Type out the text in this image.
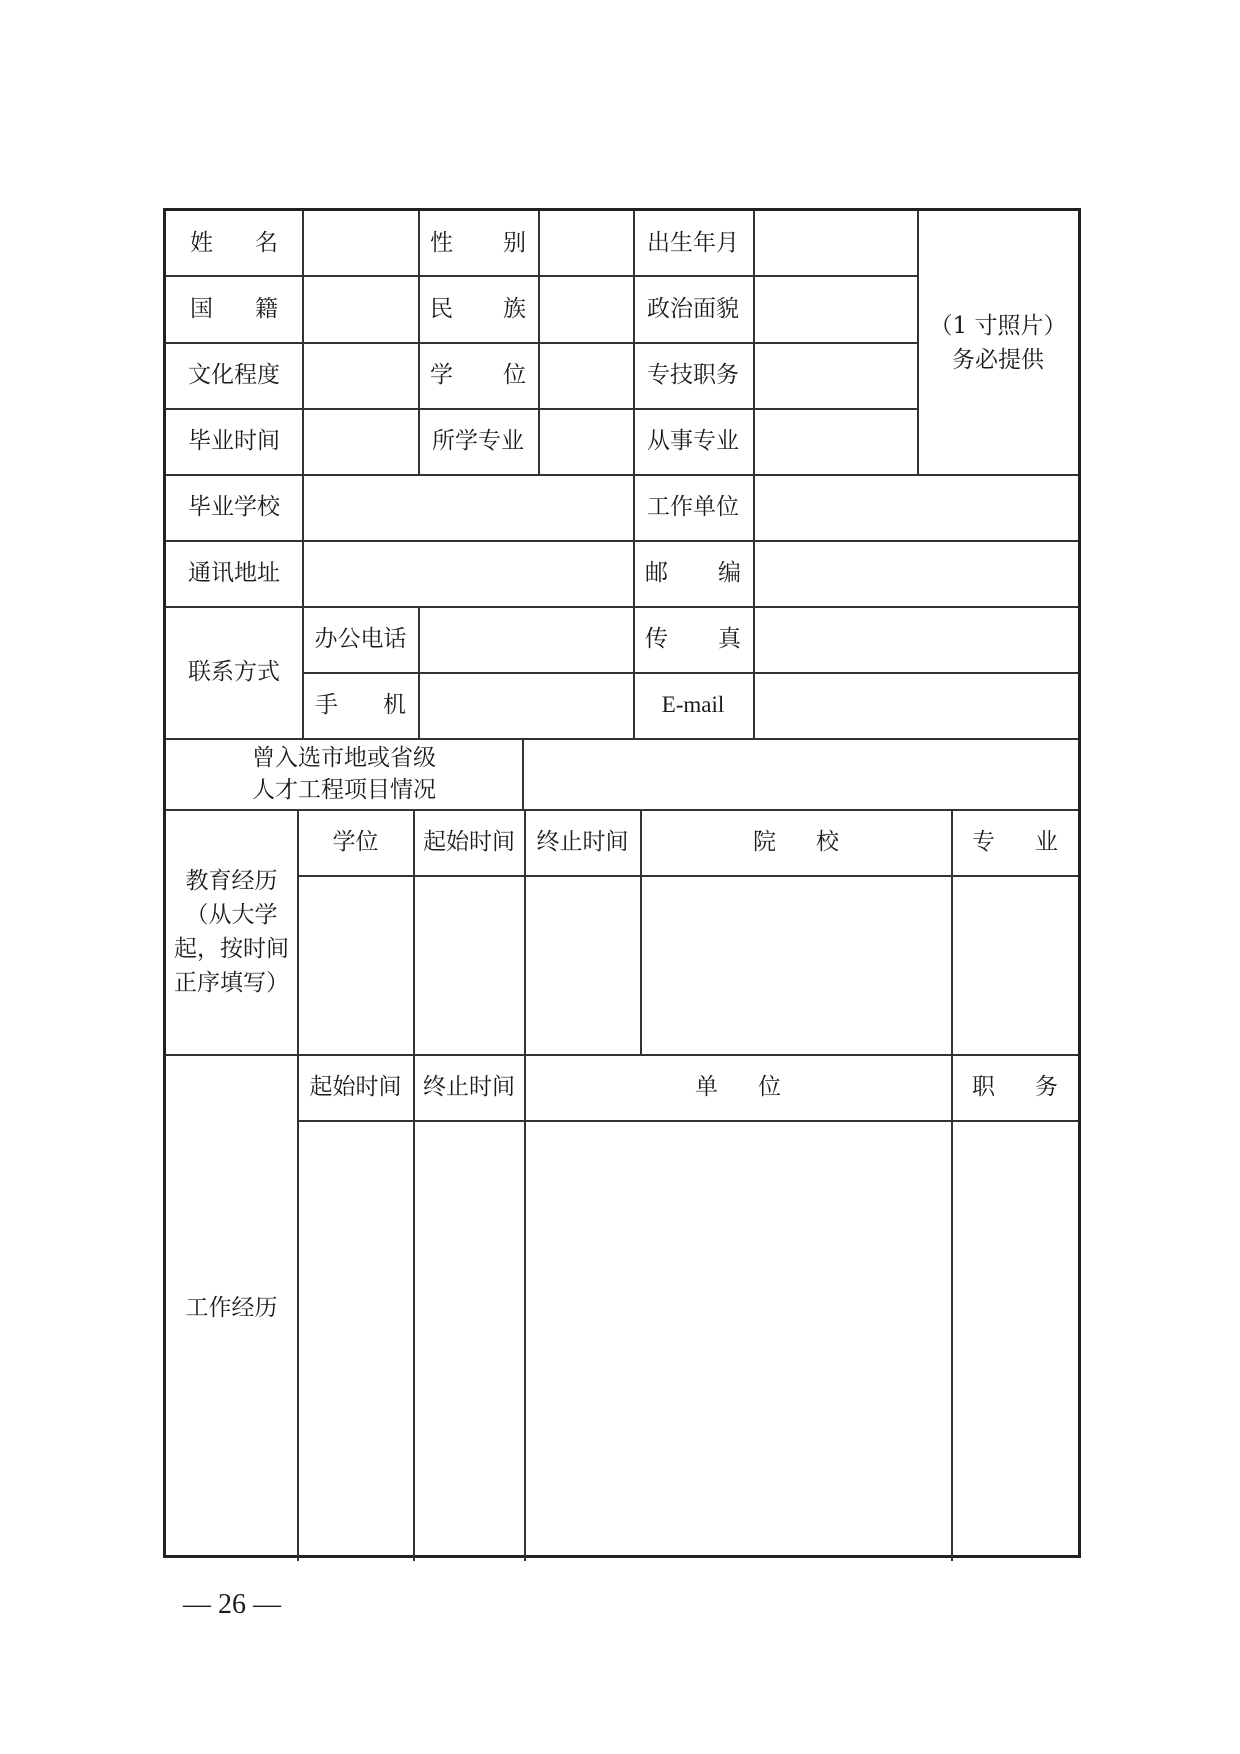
姓 名	性 别	出生年月
（1 寸照片）
务必提供
国 籍	民 族	政治面貌
文化程度	学 位	专技职务
毕业时间	所学专业	从事专业
毕业学校	工作单位
通讯地址	邮 编
联系方式
办公电话	传 真
手 机	E-mail
曾入选市地或省级
人才工程项目情况
教育经历
（从大学
起，按时间
正序填写）
学位	起始时间 终止时间	院 校	专 业
工作经历
起始时间 终止时间	单 位	职 务
— 26 —
